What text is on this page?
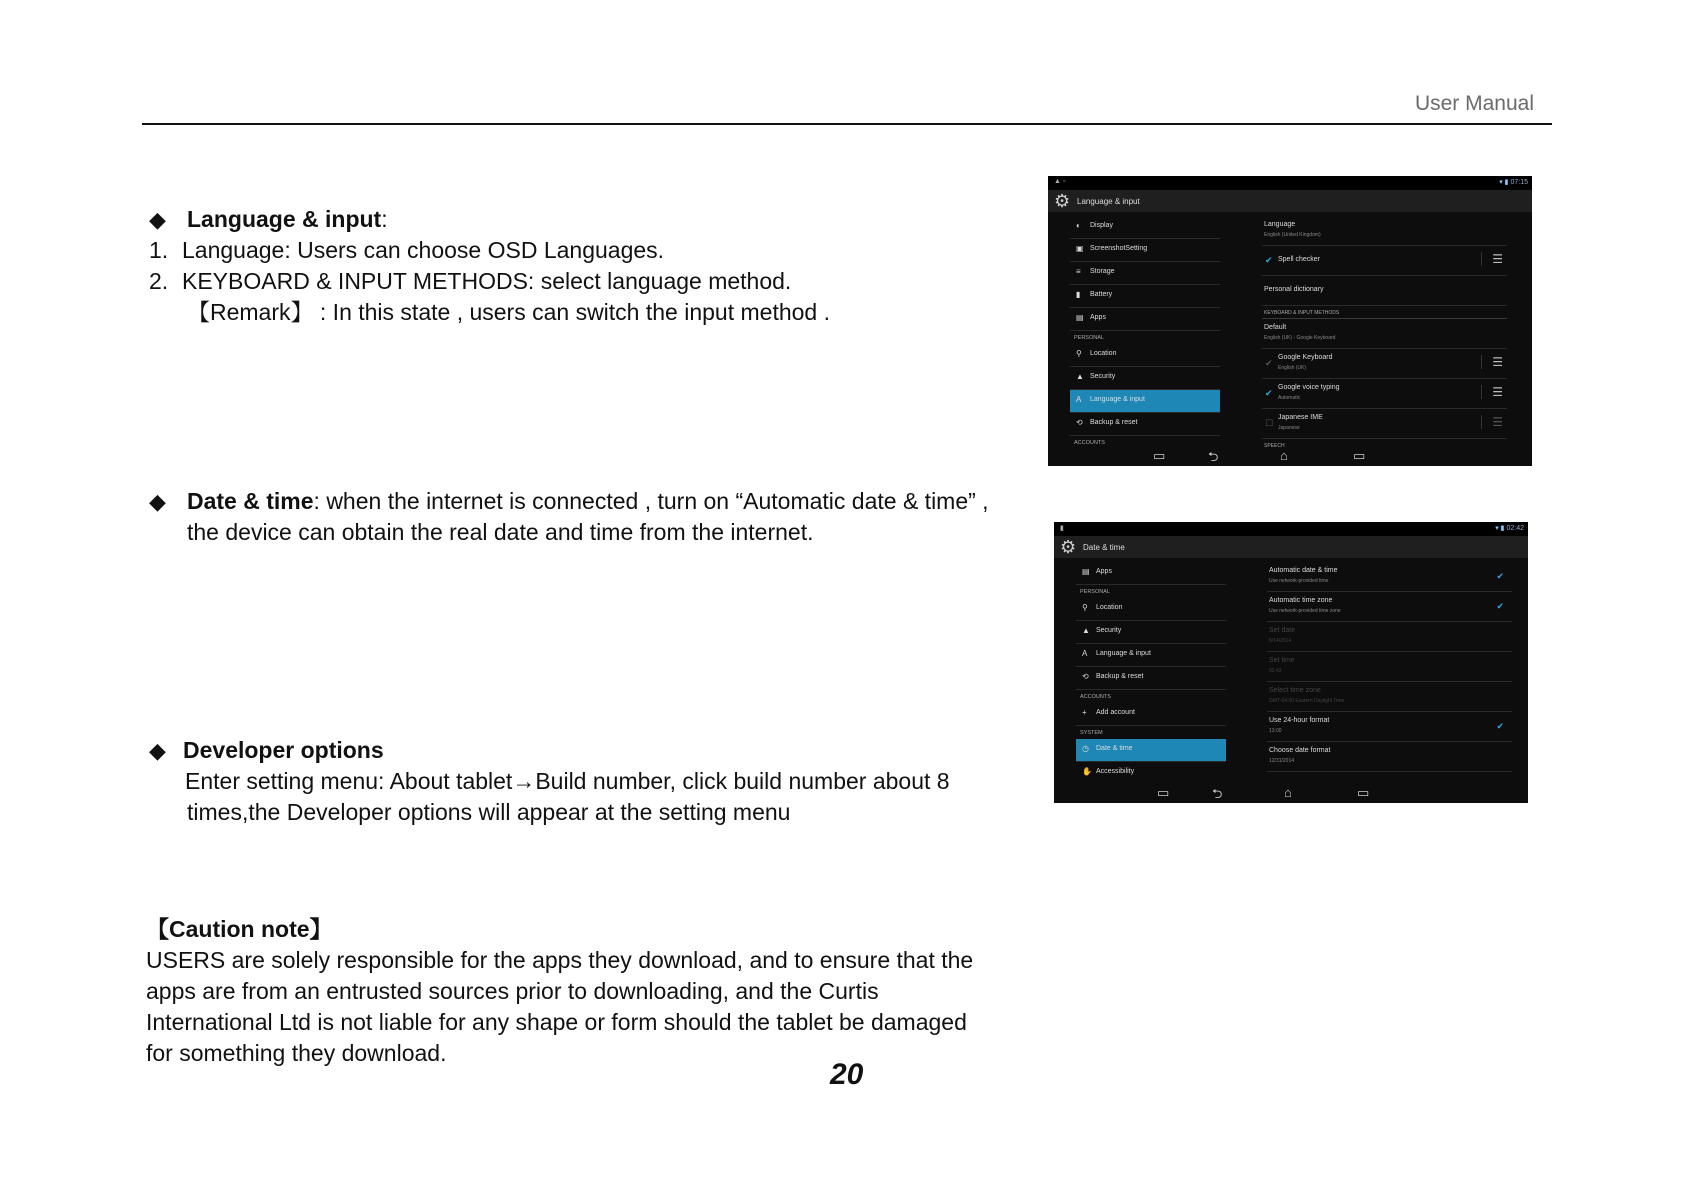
User Manual
◆ Language & input:
1. Language: Users can choose OSD Languages.
2. KEYBOARD & INPUT METHODS: select language method.
【Remark】 : In this state , users can switch the input method .
◆ Date & time: when the internet is connected , turn on “Automatic date & time” ,
the device can obtain the real date and time from the internet.
◆ Developer options
Enter setting menu: About tablet→Build number, click build number about 8
times,the Developer options will appear at the setting menu

【Caution note】

USERS are solely responsible for the apps they download, and to ensure that the

apps are from an entrusted sources prior to downloading, and the Curtis

International Ltd is not liable for any shape or form should the tablet be damaged

for something they download.

20
▲ ▫	▾ ▮ 07:15
⚙ Language & input
◐ Display
▣ ScreenshotSetting
≡ Storage
▮ Battery
▤ Apps
PERSONAL
⚲ Location
▲ Security
A Language & input
⟲ Backup & reset
ACCOUNTS
Language
English (United Kingdom)
✔ Spell checker	☰
Personal dictionary
KEYBOARD & INPUT METHODS
Default
English (UK) - Google Keyboard
✔
Google Keyboard
English (UK)	☰
✔
Google voice typing
Automatic	☰
☐
Japanese IME
Japanese	☰
SPEECH
▭	⮌	⌂	▭
▮	▾ ▮ 02:42
⚙ Date & time
▤ Apps
PERSONAL
⚲ Location
▲ Security
A Language & input
⟲ Backup & reset
ACCOUNTS
+ Add account
SYSTEM
◷ Date & time
✋ Accessibility
Automatic date & time
Use network-provided time	✔
Automatic time zone
Use network-provided time zone	✔
Set date
6/14/2014
Set time
02:42
Select time zone
GMT-04:00 Eastern Daylight Time
Use 24-hour format
13:00	✔
Choose date format
12/31/2014
▭	⮌	⌂	▭
